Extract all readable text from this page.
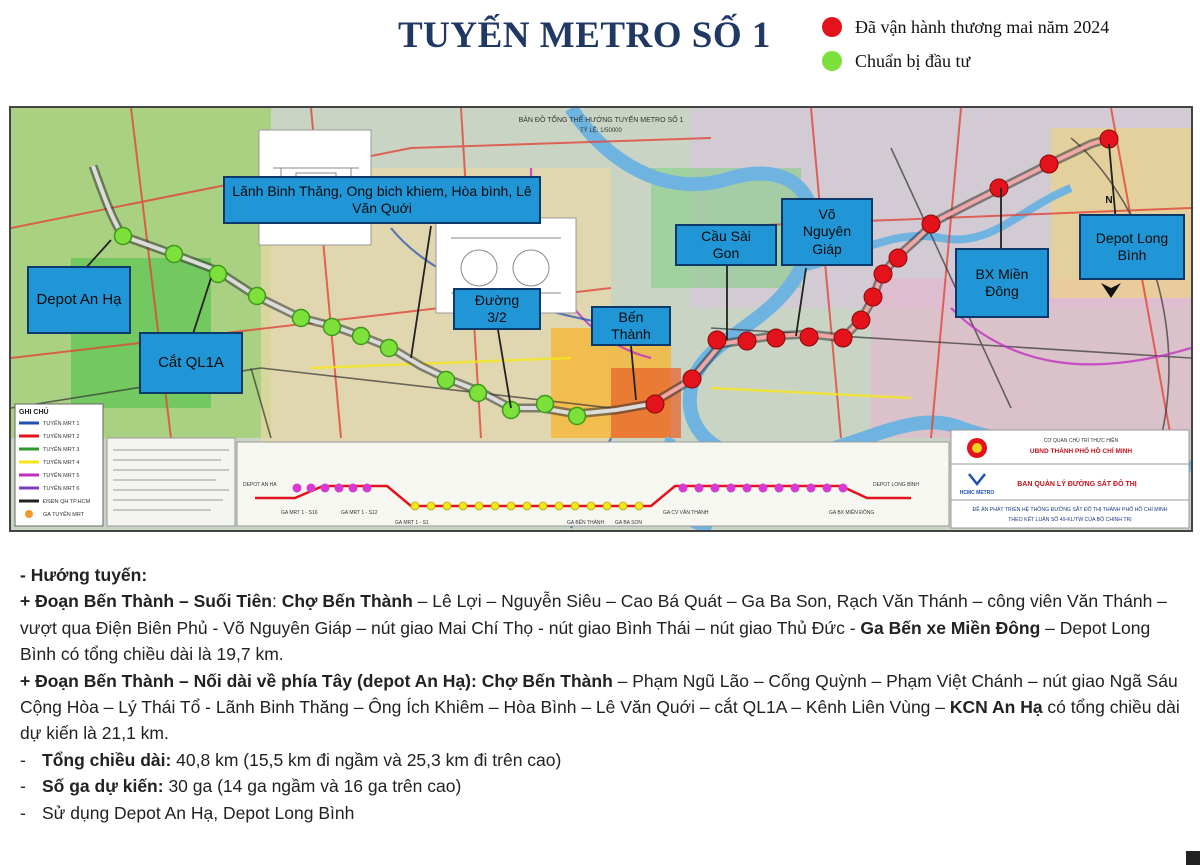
TUYẾN METRO SỐ 1	Đã vận hành thương mai năm 2024
Chuẩn bị đầu tư
BẢN ĐỒ TỔNG THỂ HƯỚNG TUYẾN METRO SỐ 1
TỶ LỆ: 1/50000
N
GHI CHÚ
TUYẾN MRT 1
TUYẾN MRT 2
TUYẾN MRT 3
TUYẾN MRT 4
TUYẾN MRT 5
TUYẾN MRT 6
ĐSĐN QH TP.HCM
GA TUYẾN MRT
DEPOT AN HẠ	DEPOT LONG BÌNH
GA MRT 1 - S16	GA MRT 1 - S12
GA MRT 1 - S1	GA BẾN THÀNH GA BA SON
GA CV VĂN THÁNH	GA BX MIỀN ĐÔNG
CƠ QUAN CHỦ TRÌ THỰC HIỆN
UBND THÀNH PHỐ HỒ CHÍ MINH
HCMC METRO
BAN QUẢN LÝ ĐƯỜNG SẮT ĐÔ THỊ
ĐỀ ÁN PHÁT TRIỂN HỆ THỐNG ĐƯỜNG SẮT ĐÔ THỊ THÀNH PHỐ HỒ CHÍ MINH
THEO KẾT LUẬN SỐ 49-KL/TW CỦA BỘ CHÍNH TRỊ
Lãnh Binh Thăng, Ong bich khiem, Hòa bình, Lê Văn Quới
Depot An Hạ
Cắt QL1A
Đường 3/2	Bến Thành
Cầu Sài Gon
Võ Nguyên Giáp
BX Miền Đông
Depot Long Bình

- Hướng tuyến:

+ Đoạn Bến Thành – Suối Tiên: Chợ Bến Thành – Lê Lợi – Nguyễn Siêu – Cao Bá Quát – Ga Ba Son, Rạch Văn Thánh – công viên Văn Thánh – vượt qua Điện Biên Phủ - Võ Nguyên Giáp – nút giao Mai Chí Thọ - nút giao Bình Thái – nút giao Thủ Đức - Ga Bến xe Miền Đông – Depot Long Bình có tổng chiều dài là 19,7 km.

+ Đoạn Bến Thành – Nối dài về phía Tây (depot An Hạ): Chợ Bến Thành – Phạm Ngũ Lão – Cống Quỳnh – Phạm Việt Chánh – nút giao Ngã Sáu Cộng Hòa – Lý Thái Tổ - Lãnh Binh Thăng – Ông Ích Khiêm – Hòa Bình – Lê Văn Quới – cắt QL1A – Kênh Liên Vùng – KCN An Hạ có tổng chiều dài dự kiến là 21,1 km.

- Tổng chiều dài: 40,8 km (15,5 km đi ngầm và 25,3 km đi trên cao)
- Số ga dự kiến: 30 ga (14 ga ngầm và 16 ga trên cao)
- Sử dụng Depot An Hạ, Depot Long Bình
